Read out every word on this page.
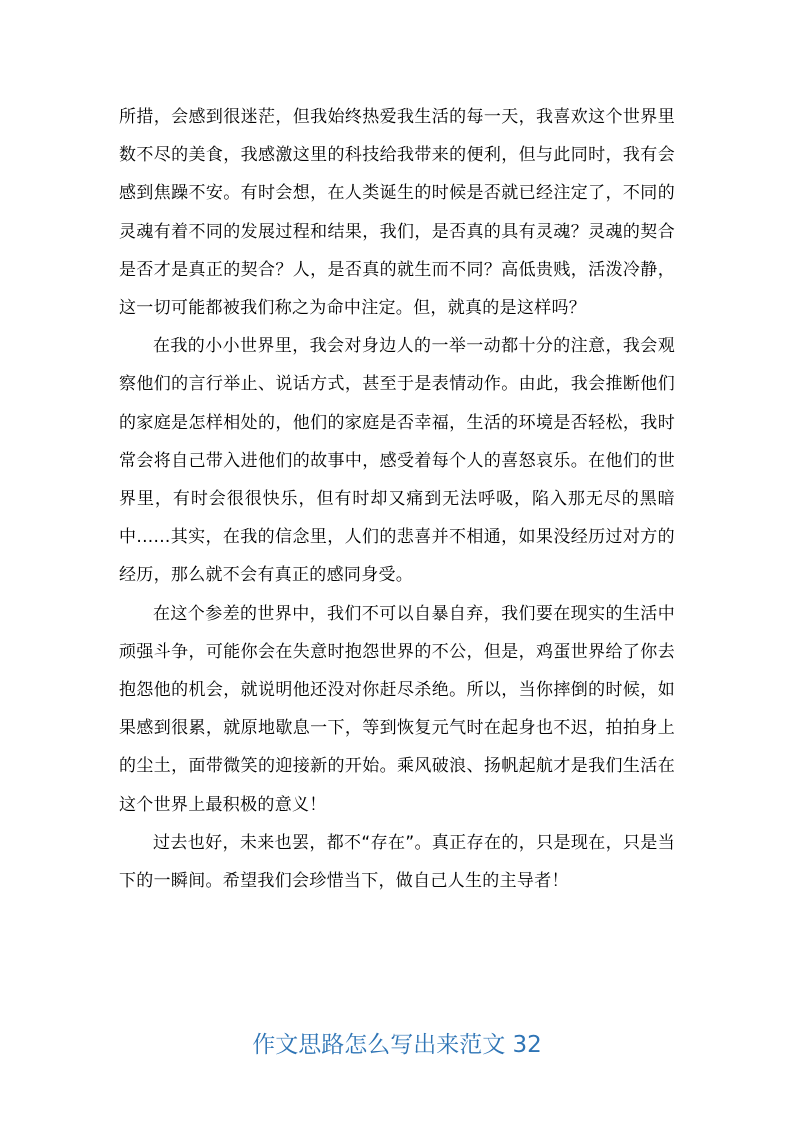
所措，会感到很迷茫，但我始终热爱我生活的每一天，我喜欢这个世界里数不尽的美食，我感激这里的科技给我带来的便利，但与此同时，我有会感到焦躁不安。有时会想，在人类诞生的时候是否就已经注定了，不同的灵魂有着不同的发展过程和结果，我们，是否真的具有灵魂？灵魂的契合是否才是真正的契合？人，是否真的就生而不同？高低贵贱，活泼冷静，这一切可能都被我们称之为命中注定。但，就真的是这样吗？

在我的小小世界里，我会对身边人的一举一动都十分的注意，我会观察他们的言行举止、说话方式，甚至于是表情动作。由此，我会推断他们的家庭是怎样相处的，他们的家庭是否幸福，生活的环境是否轻松，我时常会将自己带入进他们的故事中，感受着每个人的喜怒哀乐。在他们的世界里，有时会很很快乐，但有时却又痛到无法呼吸，陷入那无尽的黑暗中......其实，在我的信念里，人们的悲喜并不相通，如果没经历过对方的经历，那么就不会有真正的感同身受。

在这个参差的世界中，我们不可以自暴自弃，我们要在现实的生活中顽强斗争，可能你会在失意时抱怨世界的不公，但是，鸡蛋世界给了你去抱怨他的机会，就说明他还没对你赶尽杀绝。所以，当你摔倒的时候，如果感到很累，就原地歇息一下，等到恢复元气时在起身也不迟，拍拍身上的尘土，面带微笑的迎接新的开始。乘风破浪、扬帆起航才是我们生活在这个世界上最积极的意义！

过去也好，未来也罢，都不“存在”。真正存在的，只是现在，只是当下的一瞬间。希望我们会珍惜当下，做自己人生的主导者！

作文思路怎么写出来范文 32
